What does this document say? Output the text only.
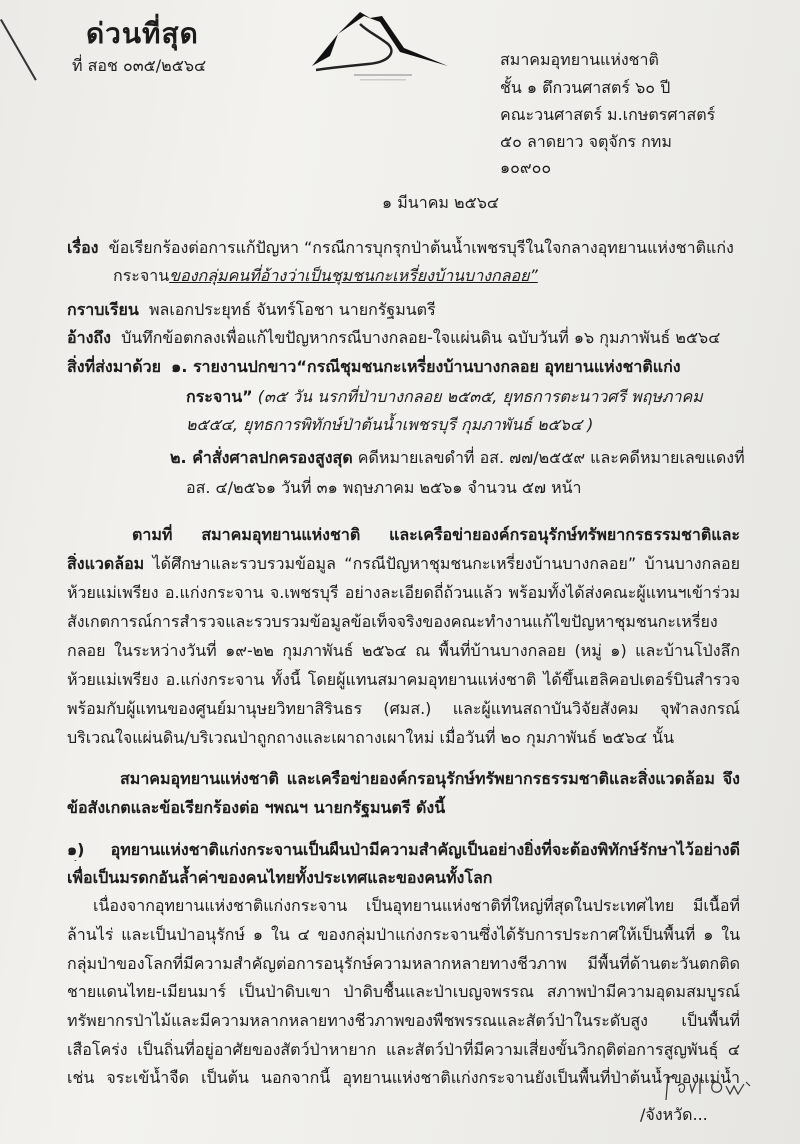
ด่วนที่สุด
ที่ สอช ๐๓๕/๒๕๖๔	สมาคมอุทยานแห่งชาติ
ชั้น ๑ ตึกวนศาสตร์ ๖๐ ปี
คณะวนศาสตร์ ม.เกษตรศาสตร์
๕๐ ลาดยาว จตุจักร กทม
๑๐๙๐๐
๑ มีนาคม ๒๕๖๔
เรื่อง ข้อเรียกร้องต่อการแก้ปัญหา “กรณีการบุกรุกป่าต้นน้ำเพชรบุรีในใจกลางอุทยานแห่งชาติแก่ง
กระจานของกลุ่มคนที่อ้างว่าเป็นชุมชนกะเหรี่ยงบ้านบางกลอย”
กราบเรียน พลเอกประยุทธ์ จันทร์โอชา นายกรัฐมนตรี
อ้างถึง บันทึกข้อตกลงเพื่อแก้ไขปัญหากรณีบางกลอย-ใจแผ่นดิน ฉบับวันที่ ๑๖ กุมภาพันธ์ ๒๕๖๔
สิ่งที่ส่งมาด้วย ๑. รายงานปกขาว“กรณีชุมชนกะเหรี่ยงบ้านบางกลอย อุทยานแห่งชาติแก่ง
กระจาน” (๓๕ วัน นรกที่ป่าบางกลอย ๒๕๓๕, ยุทธการตะนาวศรี พฤษภาคม
๒๕๕๔, ยุทธการพิทักษ์ป่าต้นน้ำเพชรบุรี กุมภาพันธ์ ๒๕๖๔ )
๒. คำสั่งศาลปกครองสูงสุด คดีหมายเลขดำที่ อส. ๗๗/๒๕๕๙ และคดีหมายเลขแดงที่
อส. ๔/๒๕๖๑ วันที่ ๓๑ พฤษภาคม ๒๕๖๑ จำนวน ๕๗ หน้า
ตามที่ สมาคมอุทยานแห่งชาติ และเครือข่ายองค์กรอนุรักษ์ทรัพยากรธรรมชาติและ
สิ่งแวดล้อม ได้ศึกษาและรวบรวมข้อมูล “กรณีปัญหาชุมชนกะเหรี่ยงบ้านบางกลอย” บ้านบางกลอย
ห้วยแม่เพรียง อ.แก่งกระจาน จ.เพชรบุรี อย่างละเอียดถี่ถ้วนแล้ว พร้อมทั้งได้ส่งคณะผู้แทนฯเข้าร่วม
สังเกตการณ์การสำรวจและรวบรวมข้อมูลข้อเท็จจริงของคณะทำงานแก้ไขปัญหาชุมชนกะเหรี่ยง
กลอย ในระหว่างวันที่ ๑๙-๒๒ กุมภาพันธ์ ๒๕๖๔ ณ พื้นที่บ้านบางกลอย (หมู่ ๑) และบ้านโป่งลึก
ห้วยแม่เพรียง อ.แก่งกระจาน ทั้งนี้ โดยผู้แทนสมาคมอุทยานแห่งชาติ ได้ขึ้นเฮลิคอปเตอร์บินสำรวจ
พร้อมกับผู้แทนของศูนย์มานุษยวิทยาสิรินธร (ศมส.) และผู้แทนสถาบันวิจัยสังคม จุฬาลงกรณ์
บริเวณใจแผ่นดิน/บริเวณป่าถูกถางและเผาถางเผาใหม่ เมื่อวันที่ ๒๐ กุมภาพันธ์ ๒๕๖๔ นั้น
สมาคมอุทยานแห่งชาติ และเครือข่ายองค์กรอนุรักษ์ทรัพยากรธรรมชาติและสิ่งแวดล้อม จึง
ข้อสังเกตและข้อเรียกร้องต่อ ฯพณฯ นายกรัฐมนตรี ดังนี้
๑) อุทยานแห่งชาติแก่งกระจานเป็นผืนป่ามีความสำคัญเป็นอย่างยิ่งที่จะต้องพิทักษ์รักษาไว้อย่างดี
เพื่อเป็นมรดกอันล้ำค่าของคนไทยทั้งประเทศและของคนทั้งโลก
เนื่องจากอุทยานแห่งชาติแก่งกระจาน เป็นอุทยานแห่งชาติที่ใหญ่ที่สุดในประเทศไทย มีเนื้อที่
ล้านไร่ และเป็นป่าอนุรักษ์ ๑ ใน ๔ ของกลุ่มป่าแก่งกระจานซึ่งได้รับการประกาศให้เป็นพื้นที่ ๑ ใน
กลุ่มป่าของโลกที่มีความสำคัญต่อการอนุรักษ์ความหลากหลายทางชีวภาพ มีพื้นที่ด้านตะวันตกติด
ชายแดนไทย-เมียนมาร์ เป็นป่าดิบเขา ป่าดิบชื้นและป่าเบญจพรรณ สภาพป่ามีความอุดมสมบูรณ์
ทรัพยากรป่าไม้และมีความหลากหลายทางชีวภาพของพืชพรรณและสัตว์ป่าในระดับสูง เป็นพื้นที่
เสือโคร่ง เป็นถิ่นที่อยู่อาศัยของสัตว์ป่าหายาก และสัตว์ป่าที่มีความเสี่ยงขั้นวิกฤติต่อการสูญพันธุ์ ๔
เช่น จระเข้น้ำจืด เป็นต้น นอกจากนี้ อุทยานแห่งชาติแก่งกระจานยังเป็นพื้นที่ป่าต้นน้ำของแม่น้ำ
/จังหวัด...
